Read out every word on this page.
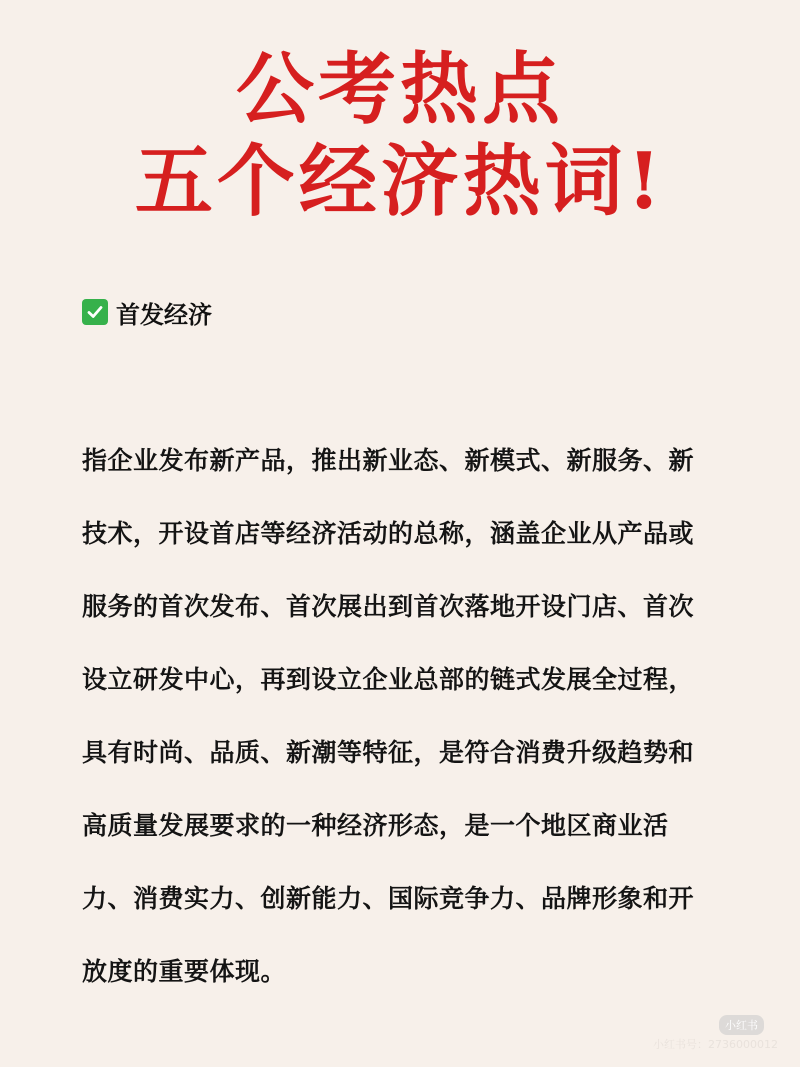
公考热点
五个经济热词!
首发经济
指企业发布新产品，推出新业态、新模式、新服务、新
技术，开设首店等经济活动的总称，涵盖企业从产品或
服务的首次发布、首次展出到首次落地开设门店、首次
设立研发中心，再到设立企业总部的链式发展全过程，
具有时尚、品质、新潮等特征，是符合消费升级趋势和
高质量发展要求的一种经济形态，是一个地区商业活
力、消费实力、创新能力、国际竞争力、品牌形象和开
放度的重要体现。
小红书
小红书号：2736000012
